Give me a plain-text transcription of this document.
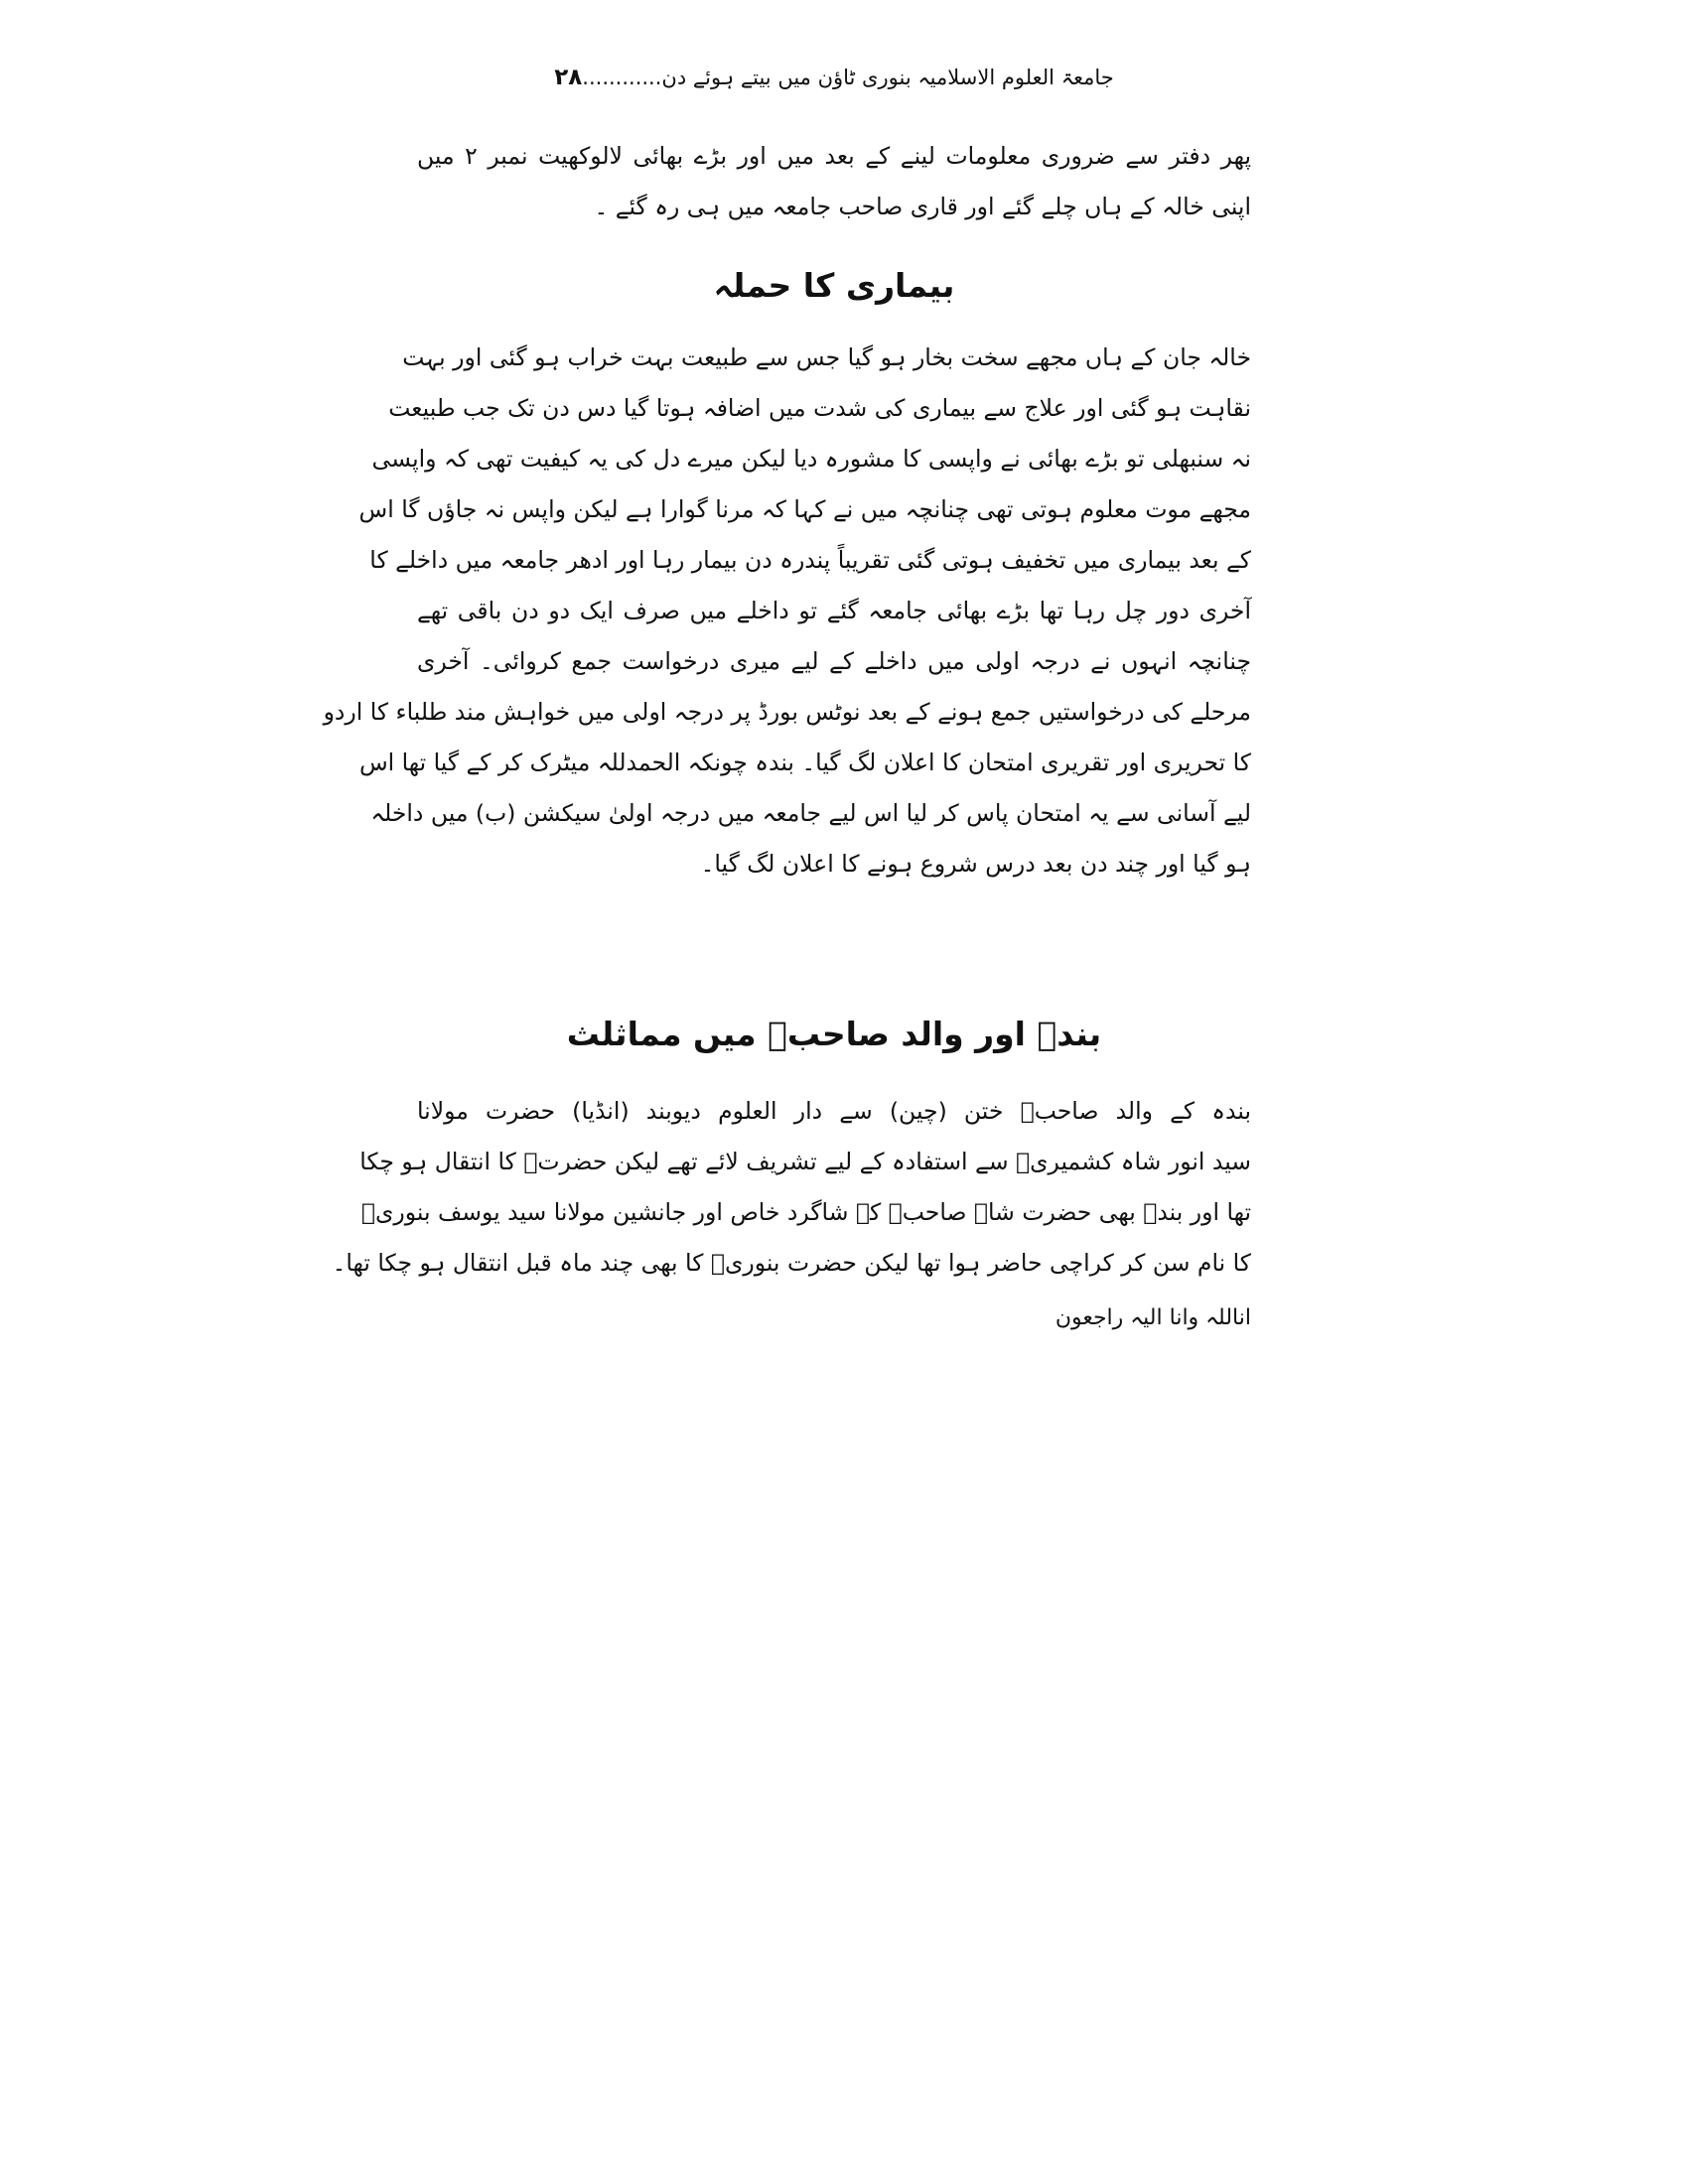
جامعۃ العلوم الاسلامیہ بنوری ٹاؤن میں بیتے ہوئے دن............۲۸
پھر دفتر سے ضروری معلومات لینے کے بعد میں اور بڑے بھائی لالوکھیت نمبر ۲ میں
اپنی خالہ کے ہاں چلے گئے اور قاری صاحب جامعہ میں ہی رہ گئے ۔
بیماری کا حملہ
خالہ جان کے ہاں مجھے سخت بخار ہو گیا جس سے طبیعت بہت خراب ہو گئی اور بہت
نقاہت ہو گئی اور علاج سے بیماری کی شدت میں اضافہ ہوتا گیا دس دن تک جب طبیعت
نہ سنبھلی تو بڑے بھائی نے واپسی کا مشورہ دیا لیکن میرے دل کی یہ کیفیت تھی کہ واپسی
مجھے موت معلوم ہوتی تھی چنانچہ میں نے کہا کہ مرنا گوارا ہے لیکن واپس نہ جاؤں گا اس
کے بعد بیماری میں تخفیف ہوتی گئی تقریباً پندرہ دن بیمار رہا اور ادھر جامعہ میں داخلے کا
آخری دور چل رہا تھا بڑے بھائی جامعہ گئے تو داخلے میں صرف ایک دو دن باقی تھے
چنانچہ انہوں نے درجہ اولی میں داخلے کے لیے میری درخواست جمع کروائی۔ آخری
مرحلے کی درخواستیں جمع ہونے کے بعد نوٹس بورڈ پر درجہ اولی میں خواہش مند طلباء کا اردو
کا تحریری اور تقریری امتحان کا اعلان لگ گیا۔ بندہ چونکہ الحمدللہ میٹرک کر کے گیا تھا اس
لیے آسانی سے یہ امتحان پاس کر لیا اس لیے جامعہ میں درجہ اولیٰ سیکشن (ب) میں داخلہ
ہو گیا اور چند دن بعد درس شروع ہونے کا اعلان لگ گیا۔
بندہ اور والد صاحبؒ میں مماثلث
بندہ کے والد صاحبؒ ختن (چین) سے دار العلوم دیوبند (انڈیا) حضرت مولانا
سید انور شاہ کشمیریؒ سے استفادہ کے لیے تشریف لائے تھے لیکن حضرتؒ کا انتقال ہو چکا
تھا اور بندہ بھی حضرت شاہ صاحبؒ کے شاگرد خاص اور جانشین مولانا سید یوسف بنوریؒ
کا نام سن کر کراچی حاضر ہوا تھا لیکن حضرت بنوریؒ کا بھی چند ماہ قبل انتقال ہو چکا تھا۔
اناللہ وانا الیہ راجعون
